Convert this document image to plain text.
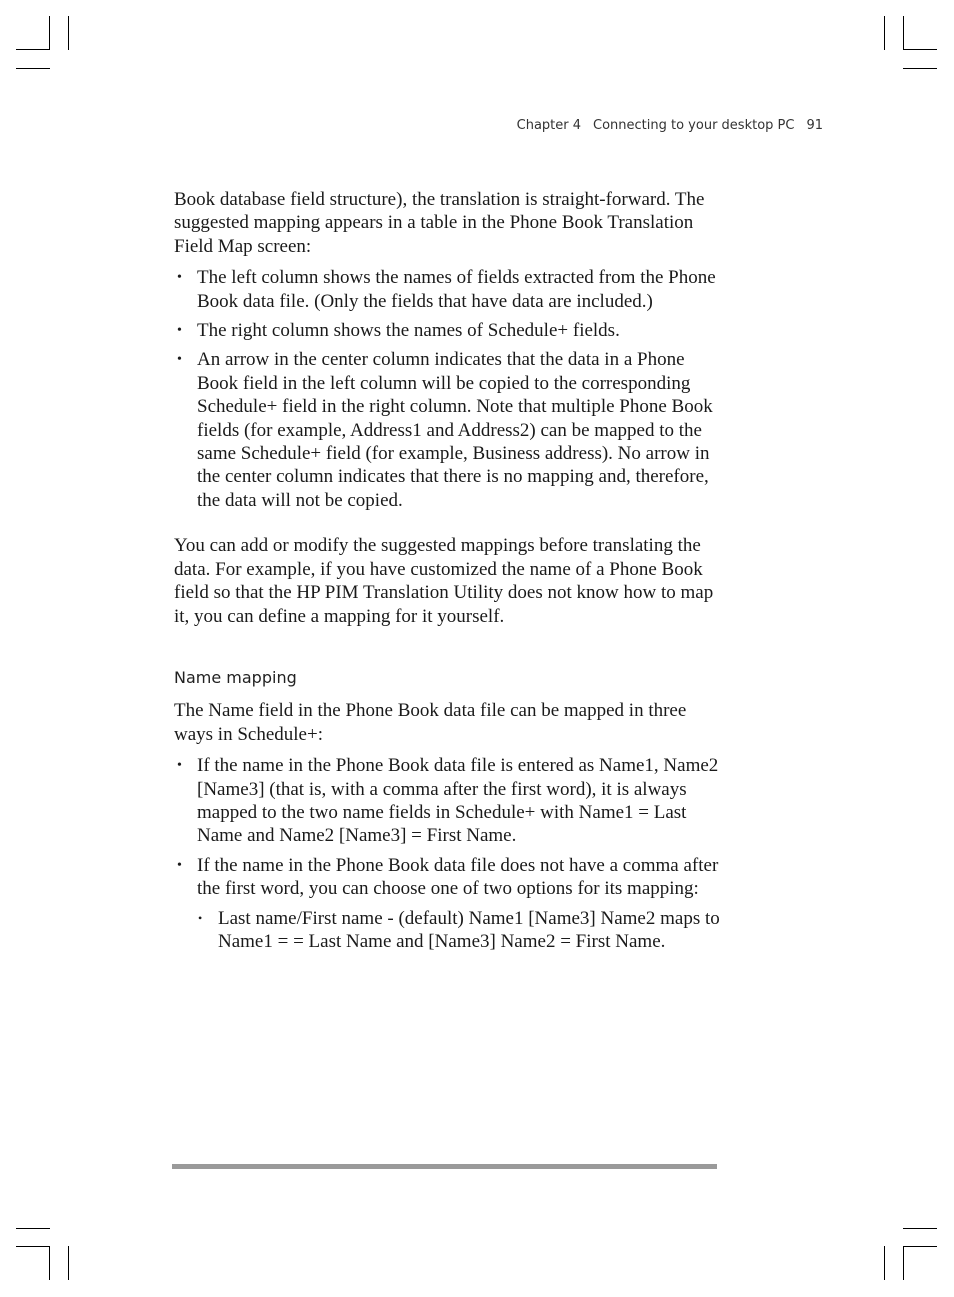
Chapter 4 Connecting to your desktop PC 91

Book database field structure), the translation is straight-forward. The suggested mapping appears in a table in the Phone Book Translation Field Map screen:

• The left column shows the names of fields extracted from the Phone Book data file. (Only the fields that have data are included.)
• The right column shows the names of Schedule+ fields.
• An arrow in the center column indicates that the data in a Phone Book field in the left column will be copied to the corresponding Schedule+ field in the right column. Note that multiple Phone Book fields (for example, Address1 and Address2) can be mapped to the same Schedule+ field (for example, Business address). No arrow in the center column indicates that there is no mapping and, therefore, the data will not be copied.

You can add or modify the suggested mappings before translating the data. For example, if you have customized the name of a Phone Book field so that the HP PIM Translation Utility does not know how to map it, you can define a mapping for it yourself.

Name mapping

The Name field in the Phone Book data file can be mapped in three ways in Schedule+:

• If the name in the Phone Book data file is entered as Name1, Name2 [Name3] (that is, with a comma after the first word), it is always mapped to the two name fields in Schedule+ with Name1 = Last Name and Name2 [Name3] = First Name.
• If the name in the Phone Book data file does not have a comma after the first word, you can choose one of two options for its mapping:
• Last name/First name - (default) Name1 [Name3] Name2 maps to Name1 = = Last Name and [Name3] Name2 = First Name.
